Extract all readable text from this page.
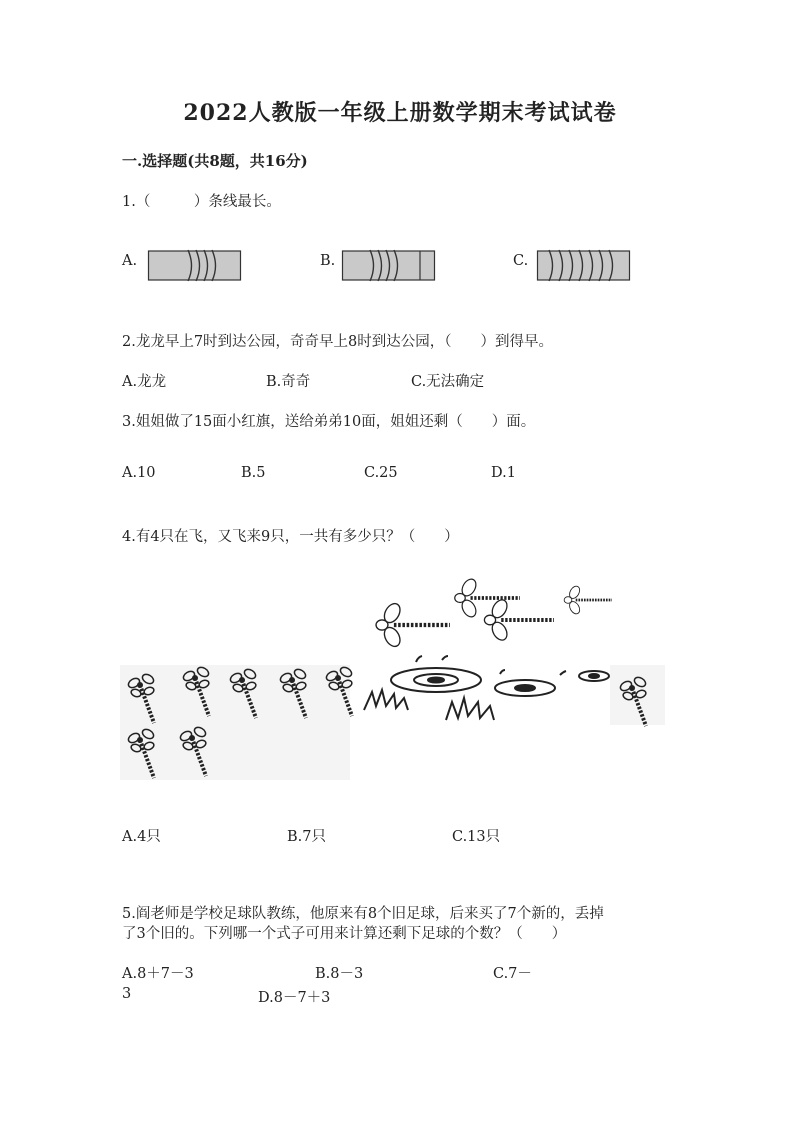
2022人教版一年级上册数学期末考试试卷
一.选择题(共8题，共16分)
1.（　　　）条线最长。
A.	B.	C.
2.龙龙早上7时到达公园，奇奇早上8时到达公园，（　　）到得早。
A.龙龙	B.奇奇	C.无法确定
3.姐姐做了15面小红旗，送给弟弟10面，姐姐还剩（　　）面。
A.10	B.5	C.25	D.1
4.有4只在飞，又飞来9只，一共有多少只？（　　）
A.4只	B.7只	C.13只
5.阎老师是学校足球队教练，他原来有8个旧足球，后来买了7个新的，丢掉
了3个旧的。下列哪一个式子可用来计算还剩下足球的个数？（　　）
A.8＋7－3	B.8－3	C.7－
3	D.8－7＋3
